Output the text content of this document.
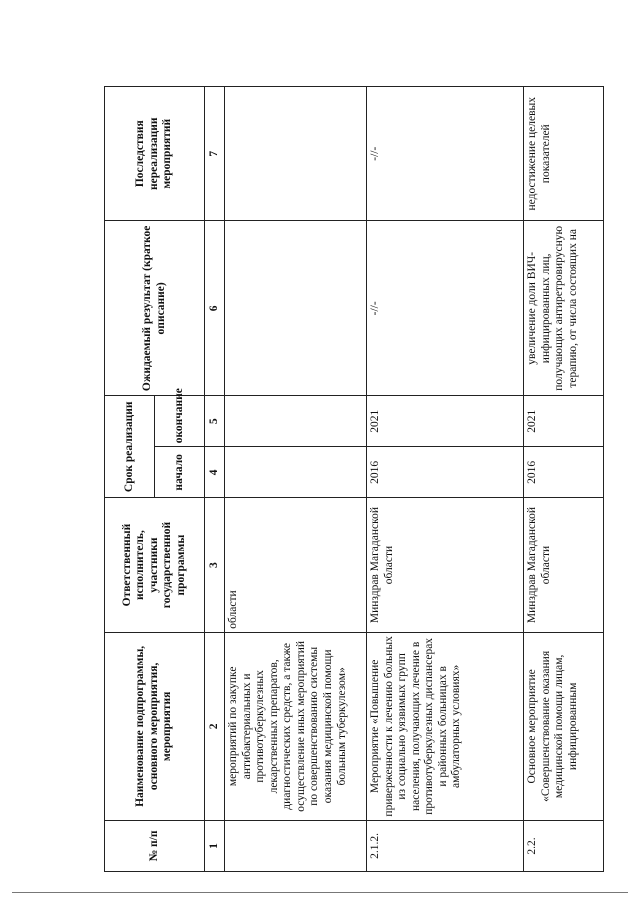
№ п/п	Наименование подпрограммы, основного мероприятия, мероприятия	Ответственный исполнитель, участники государственной программы	Срок реализации		Ожидаемый результат (краткое описание)	Последствия нереализации мероприятий
			начало	окончание		
1	2	3	4	5	6	7
	мероприятий по закупке антибактериальных и противотуберкулезных лекарственных препаратов, диагностических средств, а также осуществление иных мероприятий по совершенствованию системы оказания медицинской помощи больным туберкулезом»	области				
2.1.2.	Мероприятие «Повышение приверженности к лечению больных из социально уязвимых групп населения, получающих лечение в противотуберкулезных диспансерах и районных больницах в амбулаторных условиях»	Минздрав Магаданской области	2016	2021	-//-	-//-
2.2.	Основное мероприятие «Совершенствование оказания медицинской помощи лицам, инфицированным	Минздрав Магаданской области	2016	2021	увеличение доли ВИЧ-инфицированных лиц, получающих антиретровирусную терапию, от числа состоящих на	недостижение целевых показателей
